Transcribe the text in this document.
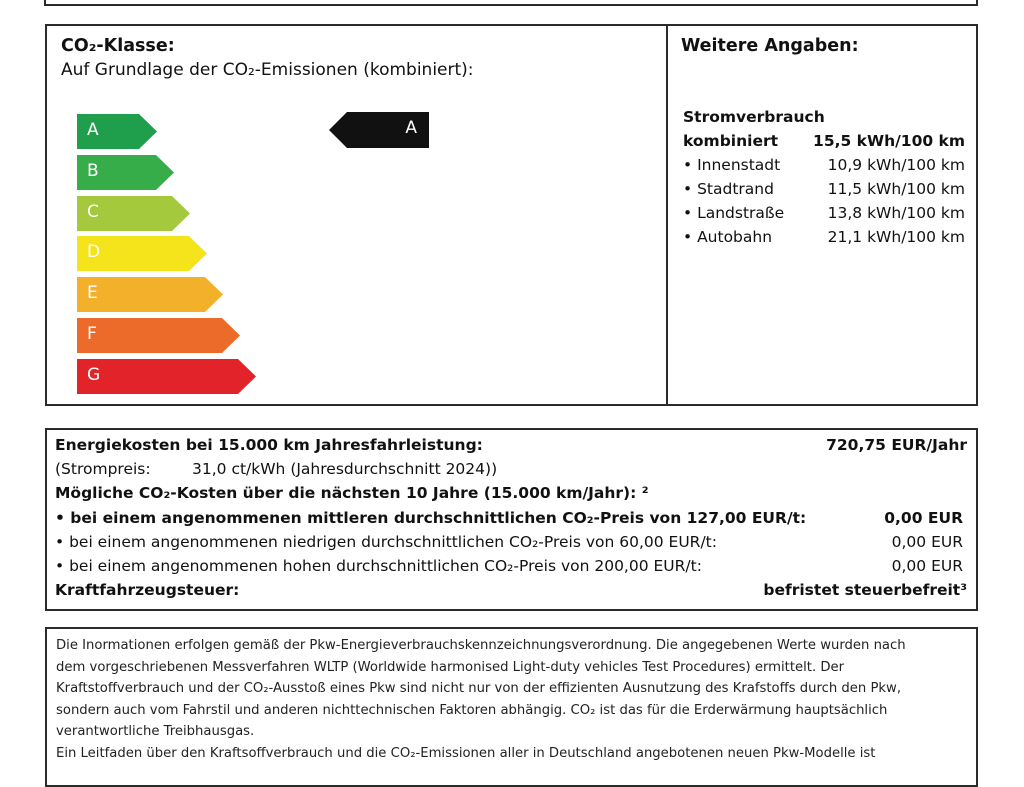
CO₂-Klasse:
Auf Grundlage der CO₂-Emissionen (kombiniert):
A
B
C
D
E
F
G
A
Weitere Angaben:
Stromverbrauch
kombiniert 15,5 kWh/100 km
• Innenstadt	10,9 kWh/100 km
• Stadtrand	11,5 kWh/100 km
• Landstraße	13,8 kWh/100 km
• Autobahn	21,1 kWh/100 km
Energiekosten bei 15.000 km Jahresfahrleistung:	720,75 EUR/Jahr
(Strompreis:	31,0 ct/kWh (Jahresdurchschnitt 2024))
Mögliche CO₂-Kosten über die nächsten 10 Jahre (15.000 km/Jahr): ²
• bei einem angenommenen mittleren durchschnittlichen CO₂-Preis von 127,00 EUR/t:	0,00 EUR
• bei einem angenommenen niedrigen durchschnittlichen CO₂-Preis von 60,00 EUR/t:	0,00 EUR
• bei einem angenommenen hohen durchschnittlichen CO₂-Preis von 200,00 EUR/t:	0,00 EUR
Kraftfahrzeugsteuer:	befristet steuerbefreit³
Die Inormationen erfolgen gemäß der Pkw-Energieverbrauchskennzeichnungsverordnung. Die angegebenen Werte wurden nach
dem vorgeschriebenen Messverfahren WLTP (Worldwide harmonised Light-duty vehicles Test Procedures) ermittelt. Der
Kraftstoffverbrauch und der CO₂-Ausstoß eines Pkw sind nicht nur von der effizienten Ausnutzung des Krafstoffs durch den Pkw,
sondern auch vom Fahrstil und anderen nichttechnischen Faktoren abhängig. CO₂ ist das für die Erderwärmung hauptsächlich
verantwortliche Treibhausgas.
Ein Leitfaden über den Kraftsoffverbrauch und die CO₂-Emissionen aller in Deutschland angebotenen neuen Pkw-Modelle ist
